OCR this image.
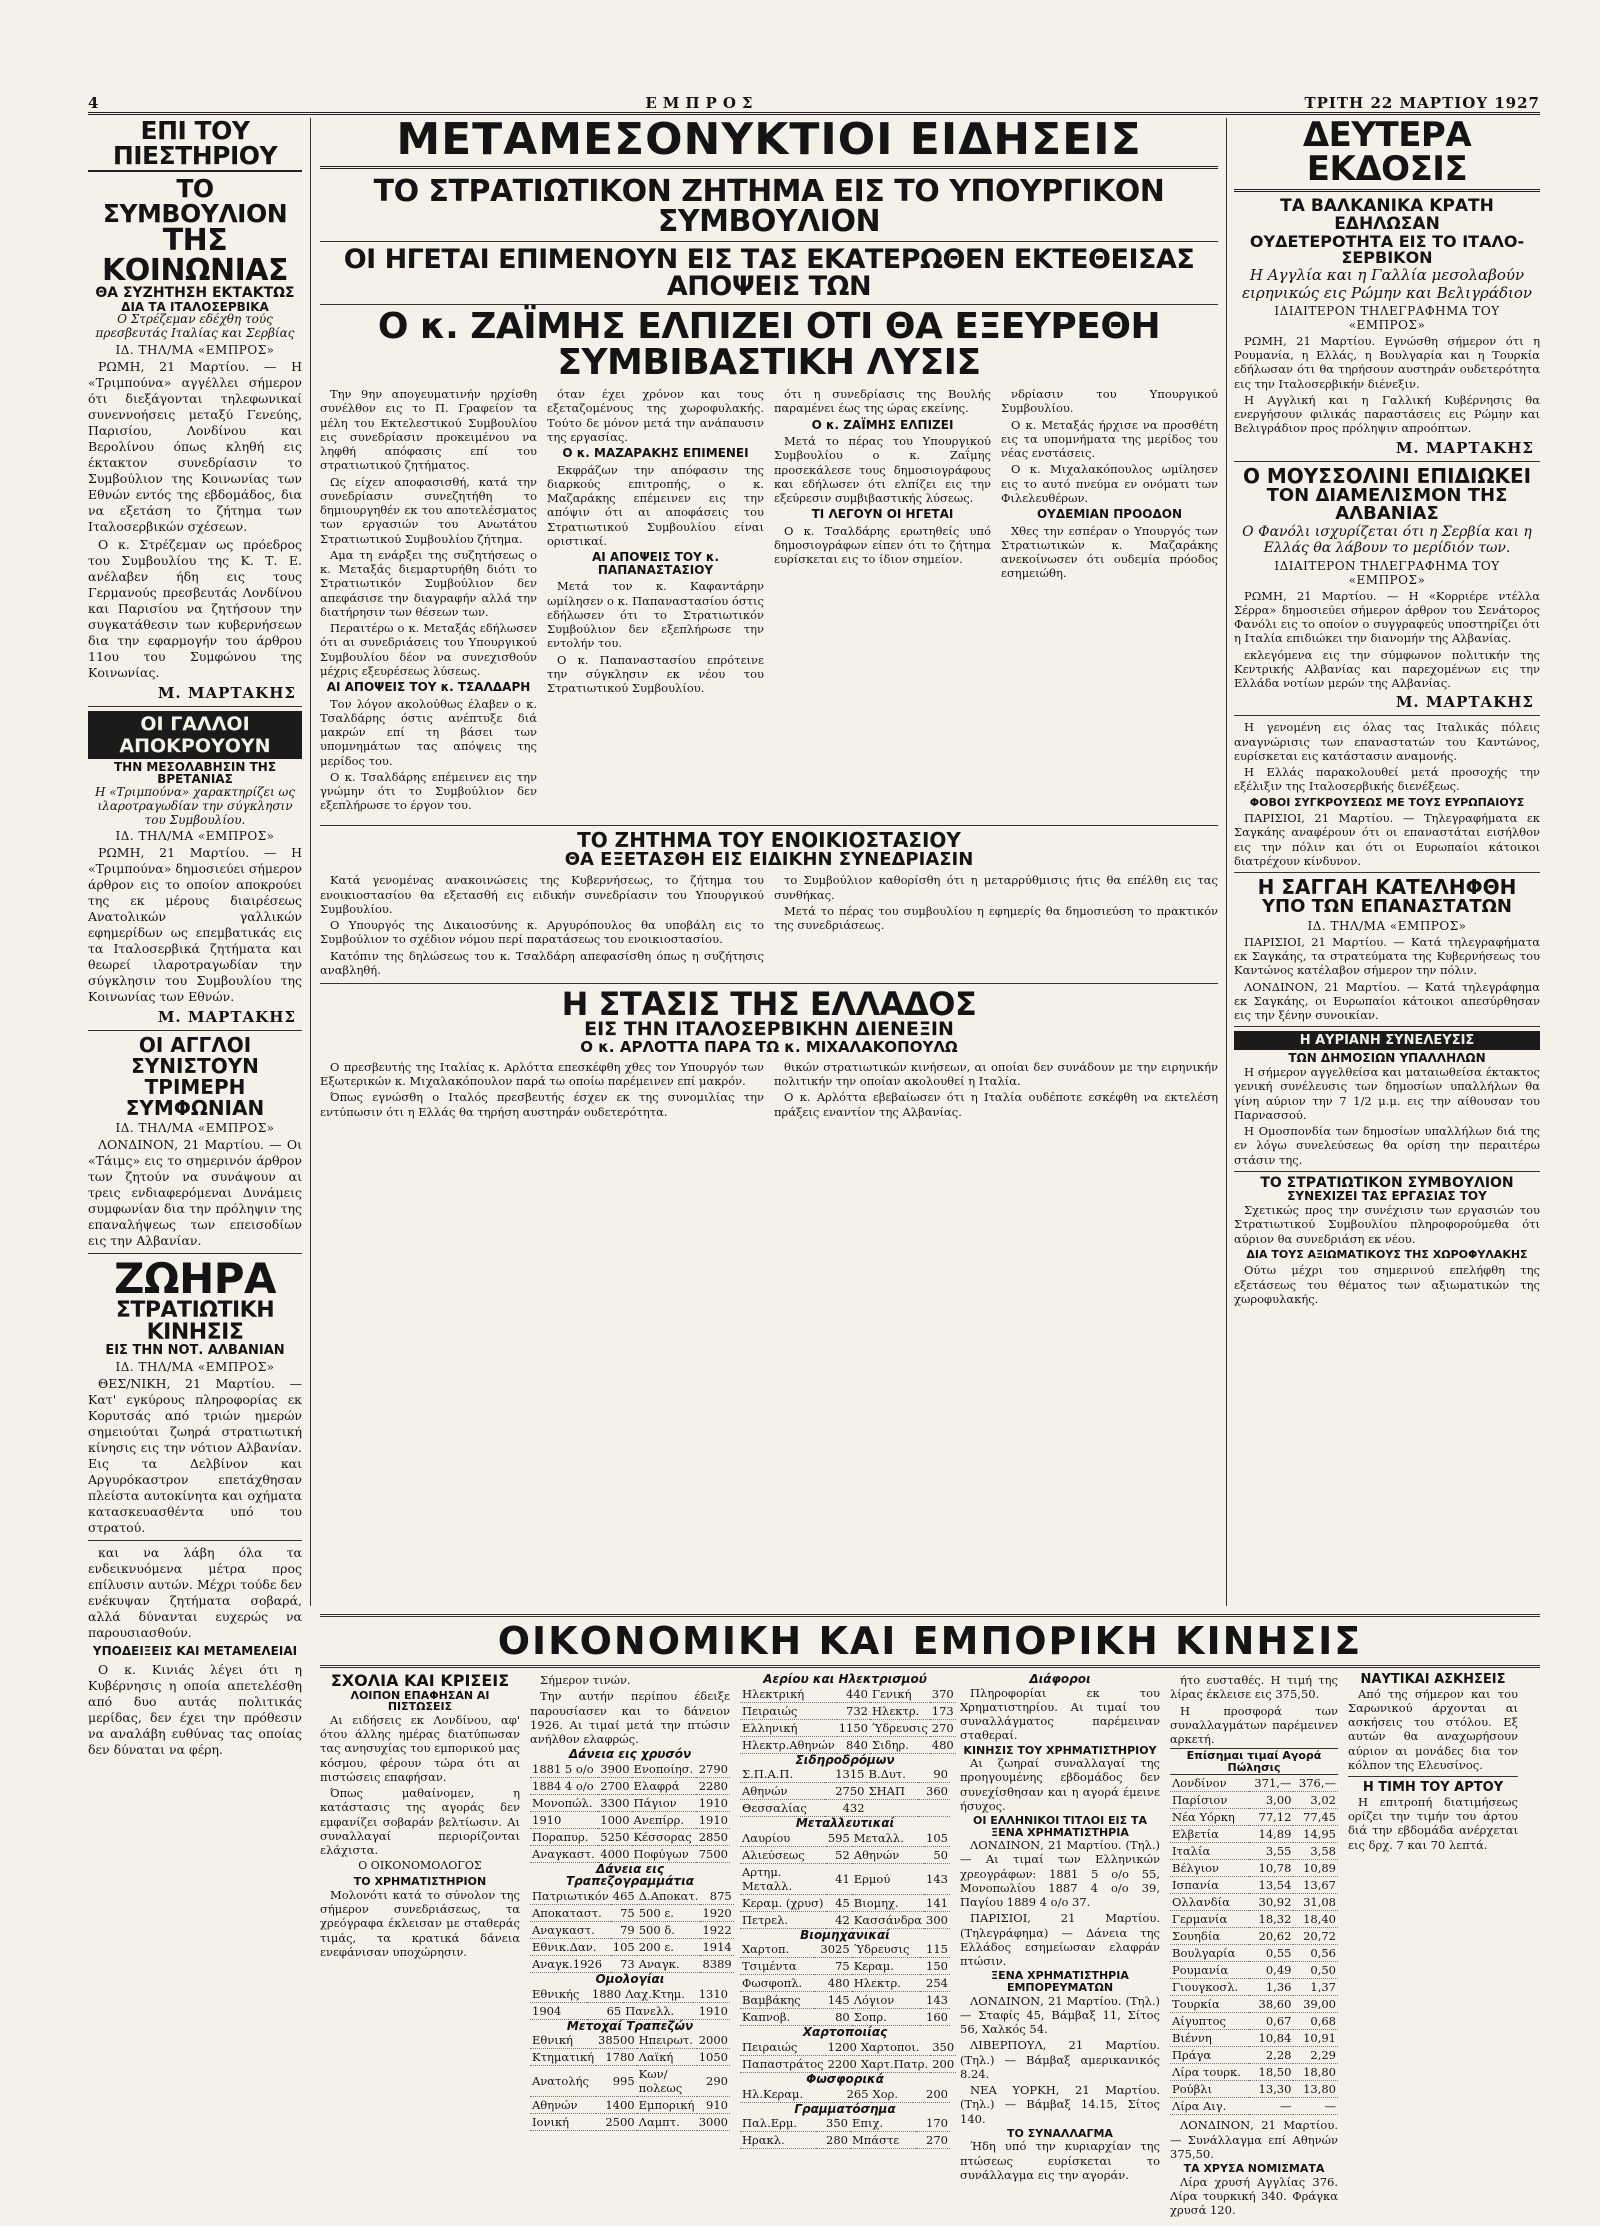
4	ΕΜΠΡΟΣ	ΤΡΙΤΗ 22 ΜΑΡΤΙΟΥ 1927
ΕΠΙ ΤΟΥ ΠΙΕΣΤΗΡΙΟΥ
ΤΟ ΣΥΜΒΟΥΛΙΟΝ
ΤΗΣ ΚΟΙΝΩΝΙΑΣ
ΘΑ ΣΥΖΗΤΗΣΗ ΕΚΤΑΚΤΩΣ
ΔΙΑ ΤΑ ΙΤΑΛΟΣΕΡΒΙΚΑ
Ο Στρέζεμαν εδέχθη τούς πρεσβευτάς Ιταλίας και Σερβίας
ΙΔ. ΤΗΛ/ΜΑ «ΕΜΠΡΟΣ»

ΡΩΜΗ, 21 Μαρτίου. — Η «Τριμπούνα» αγγέλλει σήμερον ότι διεξάγονται τηλεφωνικαί συνεννοήσεις μεταξύ Γενεύης, Παρισίου, Λονδίνου και Βερολίνου όπως κληθή εις έκτακτον συνεδρίασιν το Συμβούλιον της Κοινωνίας των Εθνών εντός της εβδομάδος, δια να εξετάση το ζήτημα των Ιταλοσερβικών σχέσεων.

Ο κ. Στρέζεμαν ως πρόεδρος του Συμβουλίου της Κ. Τ. Ε. ανέλαβεν ήδη εις τους Γερμανούς πρεσβευτάς Λονδίνου και Παρισίου να ζητήσουν την συγκατάθεσιν των κυβερνήσεων δια την εφαρμογήν του άρθρου 11ου του Συμφώνου της Κοινωνίας.

Μ. ΜΑΡΤΑΚΗΣ
ΟΙ ΓΑΛΛΟΙ ΑΠΟΚΡΟΥΟΥΝ
ΤΗΝ ΜΕΣΟΛΑΒΗΣΙΝ ΤΗΣ ΒΡΕΤΑΝΙΑΣ
Η «Τριμπούνα» χαρακτηρίζει ως ιλαροτραγωδίαν την σύγκλησιν του Συμβουλίου.
ΙΔ. ΤΗΛ/ΜΑ «ΕΜΠΡΟΣ»

ΡΩΜΗ, 21 Μαρτίου. — Η «Τριμπούνα» δημοσιεύει σήμερον άρθρον εις το οποίον αποκρούει της εκ μέρους διαιρέσεως Ανατολικών γαλλικών εφημερίδων ως επεμβατικάς εις τα Ιταλοσερβικά ζητήματα και θεωρεί ιλαροτραγωδίαν την σύγκλησιν του Συμβουλίου της Κοινωνίας των Εθνών.

Μ. ΜΑΡΤΑΚΗΣ
ΟΙ ΑΓΓΛΟΙ ΣΥΝΙΣΤΟΥΝ
ΤΡΙΜΕΡΗ ΣΥΜΦΩΝΙΑΝ
ΙΔ. ΤΗΛ/ΜΑ «ΕΜΠΡΟΣ»

ΛΟΝΔΙΝΟΝ, 21 Μαρτίου. — Οι «Τάιμς» εις το σημερινόν άρθρον των ζητούν να συνάψουν αι τρεις ενδιαφερόμεναι Δυνάμεις συμφωνίαν δια την πρόληψιν της επαναλήψεως των επεισοδίων εις την Αλβανίαν.

ΖΩΗΡΑ
ΣΤΡΑΤΙΩΤΙΚΗ ΚΙΝΗΣΙΣ
ΕΙΣ ΤΗΝ ΝΟΤ. ΑΛΒΑΝΙΑΝ
ΙΔ. ΤΗΛ/ΜΑ «ΕΜΠΡΟΣ»

ΘΕΣ/ΝΙΚΗ, 21 Μαρτίου. — Κατ' εγκύρους πληροφορίας εκ Κορυτσάς από τριών ημερών σημειούται ζωηρά στρατιωτική κίνησις εις την νότιον Αλβανίαν. Εις τα Δελβίνον και Αργυρόκαστρον επετάχθησαν πλείστα αυτοκίνητα και οχήματα κατασκευασθέντα υπό του στρατού.

και να λάβη όλα τα ενδεικνυόμενα μέτρα προς επίλυσιν αυτών. Μέχρι τούδε δεν ενέκυψαν ζητήματα σοβαρά, αλλά δύνανται ευχερώς να παρουσιασθούν.

ΥΠΟΔΕΙΞΕΙΣ ΚΑΙ ΜΕΤΑΜΕΛΕΙΑΙ

Ο κ. Κινιάς λέγει ότι η Κυβέρνησις η οποία απετελέσθη από δυο αυτάς πολιτικάς μερίδας, δεν έχει την πρόθεσιν να αναλάβη ευθύνας τας οποίας δεν δύναται να φέρη.

ΜΕΤΑΜΕΣΟΝΥΚΤΙΟΙ ΕΙΔΗΣΕΙΣ
ΤΟ ΣΤΡΑΤΙΩΤΙΚΟΝ ΖΗΤΗΜΑ ΕΙΣ ΤΟ ΥΠΟΥΡΓΙΚΟΝ ΣΥΜΒΟΥΛΙΟΝ
ΟΙ ΗΓΕΤΑΙ ΕΠΙΜΕΝΟΥΝ ΕΙΣ ΤΑΣ ΕΚΑΤΕΡΩΘΕΝ ΕΚΤΕΘΕΙΣΑΣ ΑΠΟΨΕΙΣ ΤΩΝ
Ο κ. ΖΑΪΜΗΣ ΕΛΠΙΖΕΙ ΟΤΙ ΘΑ ΕΞΕΥΡΕΘΗ ΣΥΜΒΙΒΑΣΤΙΚΗ ΛΥΣΙΣ

Την 9ην απογευματινήν ηρχίσθη συνέλθον εις το Π. Γραφείον τα μέλη του Εκτελεστικού Συμβουλίου εις συνεδρίασιν προκειμένου να ληφθή απόφασις επί του στρατιωτικού ζητήματος.

Ως είχεν αποφασισθή, κατά την συνεδρίασιν συνεζητήθη το δημιουργηθέν εκ του αποτελέσματος των εργασιών του Ανωτάτου Στρατιωτικού Συμβουλίου ζήτημα.

Αμα τη ενάρξει της συζητήσεως ο κ. Μεταξάς διεμαρτυρήθη διότι το Στρατιωτικόν Συμβούλιον δεν απεφάσισε την διαγραφήν αλλά την διατήρησιν των θέσεων των.

Περαιτέρω ο κ. Μεταξάς εδήλωσεν ότι αι συνεδριάσεις του Υπουργικού Συμβουλίου δέον να συνεχισθούν μέχρις εξευρέσεως λύσεως.

ΑΙ ΑΠΟΨΕΙΣ ΤΟΥ κ. ΤΣΑΛΔΑΡΗ

Τον λόγον ακολούθως έλαβεν ο κ. Τσαλδάρης όστις ανέπτυξε διά μακρών επί τη βάσει των υπομνημάτων τας απόψεις της μερίδος του.

Ο κ. Τσαλδάρης επέμεινεν εις την γνώμην ότι το Συμβούλιον δεν εξεπλήρωσε το έργον του.

όταν έχει χρόνον και τους εξεταζομένους της χωροφυλακής. Τούτο δε μόνον μετά την ανάπαυσιν της εργασίας.

Ο κ. ΜΑΖΑΡΑΚΗΣ ΕΠΙΜΕΝΕΙ

Εκφράζων την απόφασιν της διαρκούς επιτροπής, ο κ. Μαζαράκης επέμεινεν εις την απόψιν ότι αι αποφάσεις του Στρατιωτικού Συμβουλίου είναι οριστικαί.

ΑΙ ΑΠΟΨΕΙΣ ΤΟΥ κ. ΠΑΠΑΝΑΣΤΑΣΙΟΥ

Μετά τον κ. Καφαντάρην ωμίλησεν ο κ. Παπαναστασίου όστις εδήλωσεν ότι το Στρατιωτικόν Συμβούλιον δεν εξεπλήρωσε την εντολήν του.

Ο κ. Παπαναστασίου επρότεινε την σύγκλησιν εκ νέου του Στρατιωτικού Συμβουλίου.

ότι η συνεδρίασις της Βουλής παραμένει έως της ώρας εκείνης.

Ο κ. ΖΑΪΜΗΣ ΕΛΠΙΖΕΙ

Μετά το πέρας του Υπουργικού Συμβουλίου ο κ. Ζαΐμης προσεκάλεσε τους δημοσιογράφους και εδήλωσεν ότι ελπίζει εις την εξεύρεσιν συμβιβαστικής λύσεως.

ΤΙ ΛΕΓΟΥΝ ΟΙ ΗΓΕΤΑΙ

Ο κ. Τσαλδάρης ερωτηθείς υπό δημοσιογράφων είπεν ότι το ζήτημα ευρίσκεται εις το ίδιον σημείον.

νδρίασιν του Υπουργικού Συμβουλίου.

Ο κ. Μεταξάς ήρχισε να προσθέτη εις τα υπομνήματα της μερίδος του νέας ενστάσεις.

Ο κ. Μιχαλακόπουλος ωμίλησεν εις το αυτό πνεύμα εν ονόματι των Φιλελευθέρων.

ΟΥΔΕΜΙΑΝ ΠΡΟΟΔΟΝ

Χθες την εσπέραν ο Υπουργός των Στρατιωτικών κ. Μαζαράκης ανεκοίνωσεν ότι ουδεμία πρόοδος εσημειώθη.

ΤΟ ΖΗΤΗΜΑ ΤΟΥ ΕΝΟΙΚΙΟΣΤΑΣΙΟΥ
ΘΑ ΕΞΕΤΑΣΘΗ ΕΙΣ ΕΙΔΙΚΗΝ ΣΥΝΕΔΡΙΑΣΙΝ

Κατά γενομένας ανακοινώσεις της Κυβερνήσεως, το ζήτημα του ενοικιοστασίου θα εξετασθή εις ειδικήν συνεδρίασιν του Υπουργικού Συμβουλίου.

Ο Υπουργός της Δικαιοσύνης κ. Αργυρόπουλος θα υποβάλη εις το Συμβούλιον το σχέδιον νόμου περί παρατάσεως του ενοικιοστασίου.

Κατόπιν της δηλώσεως του κ. Τσαλδάρη απεφασίσθη όπως η συζήτησις αναβληθή.

το Συμβούλιον καθορίσθη ότι η μεταρρύθμισις ήτις θα επέλθη εις τας συνθήκας.

Μετά το πέρας του συμβουλίου η εφημερίς θα δημοσιεύση το πρακτικόν της συνεδριάσεως.

Η ΣΤΑΣΙΣ ΤΗΣ ΕΛΛΑΔΟΣ
ΕΙΣ ΤΗΝ ΙΤΑΛΟΣΕΡΒΙΚΗΝ ΔΙΕΝΕΞΙΝ
Ο κ. ΑΡΛΟΤΤΑ ΠΑΡΑ ΤΩ κ. ΜΙΧΑΛΑΚΟΠΟΥΛΩ

Ο πρεσβευτής της Ιταλίας κ. Αρλόττα επεσκέφθη χθες τον Υπουργόν των Εξωτερικών κ. Μιχαλακόπουλον παρά τω οποίω παρέμεινεν επί μακρόν.

Όπως εγνώσθη ο Ιταλός πρεσβευτής έσχεν εκ της συνομιλίας την εντύπωσιν ότι η Ελλάς θα τηρήση αυστηράν ουδετερότητα.

θικών στρατιωτικών κινήσεων, αι οποίαι δεν συνάδουν με την ειρηνικήν πολιτικήν την οποίαν ακολουθεί η Ιταλία.

Ο κ. Αρλόττα εβεβαίωσεν ότι η Ιταλία ουδέποτε εσκέφθη να εκτελέση πράξεις εναντίον της Αλβανίας.

ΔΕΥΤΕΡΑ ΕΚΔΟΣΙΣ
ΤΑ ΒΑΛΚΑΝΙΚΑ ΚΡΑΤΗ ΕΔΗΛΩΣΑΝ
ΟΥΔΕΤΕΡΟΤΗΤΑ ΕΙΣ ΤΟ ΙΤΑΛΟ-ΣΕΡΒΙΚΟΝ
Η Αγγλία και η Γαλλία μεσολαβούν ειρηνικώς εις Ρώμην και Βελιγράδιον
ΙΔΙΑΙΤΕΡΟΝ ΤΗΛΕΓΡΑΦΗΜΑ ΤΟΥ «ΕΜΠΡΟΣ»

ΡΩΜΗ, 21 Μαρτίου. Εγνώσθη σήμερον ότι η Ρουμανία, η Ελλάς, η Βουλγαρία και η Τουρκία εδήλωσαν ότι θα τηρήσουν αυστηράν ουδετερότητα εις την Ιταλοσερβικήν διένεξιν.

Η Αγγλική και η Γαλλική Κυβέρνησις θα ενεργήσουν φιλικάς παραστάσεις εις Ρώμην και Βελιγράδιον προς πρόληψιν απροόπτων.

Μ. ΜΑΡΤΑΚΗΣ
Ο ΜΟΥΣΣΟΛΙΝΙ ΕΠΙΔΙΩΚΕΙ
ΤΟΝ ΔΙΑΜΕΛΙΣΜΟΝ ΤΗΣ ΑΛΒΑΝΙΑΣ
Ο Φανόλι ισχυρίζεται ότι η Σερβία και η Ελλάς θα λάβουν το μερίδιόν των.
ΙΔΙΑΙΤΕΡΟΝ ΤΗΛΕΓΡΑΦΗΜΑ ΤΟΥ «ΕΜΠΡΟΣ»

ΡΩΜΗ, 21 Μαρτίου. — Η «Κορριέρε ντέλλα Σέρρα» δημοσιεύει σήμερον άρθρον του Σενάτορος Φανόλι εις το οποίον ο συγγραφεύς υποστηρίζει ότι η Ιταλία επιδιώκει την διανομήν της Αλβανίας.

εκλεγόμενα εις την σύμφωνον πολιτικήν της Κεντρικής Αλβανίας και παρεχομένων εις την Ελλάδα νοτίων μερών της Αλβανίας.

Μ. ΜΑΡΤΑΚΗΣ

Η γενομένη εις όλας τας Ιταλικάς πόλεις αναγνώρισις των επαναστατών του Καντώνος, ευρίσκεται εις κατάστασιν αναμονής.

Η Ελλάς παρακολουθεί μετά προσοχής την εξέλιξιν της Ιταλοσερβικής διενέξεως.

ΦΟΒΟΙ ΣΥΓΚΡΟΥΣΕΩΣ ΜΕ ΤΟΥΣ ΕΥΡΩΠΑΙΟΥΣ

ΠΑΡΙΣΙΟΙ, 21 Μαρτίου. — Τηλεγραφήματα εκ Σαγκάης αναφέρουν ότι οι επαναστάται εισήλθον εις την πόλιν και ότι οι Ευρωπαίοι κάτοικοι διατρέχουν κίνδυνον.

Η ΣΑΓΓΑΗ ΚΑΤΕΛΗΦΘΗ
ΥΠΟ ΤΩΝ ΕΠΑΝΑΣΤΑΤΩΝ
ΙΔ. ΤΗΛ/ΜΑ «ΕΜΠΡΟΣ»

ΠΑΡΙΣΙΟΙ, 21 Μαρτίου. — Κατά τηλεγραφήματα εκ Σαγκάης, τα στρατεύματα της Κυβερνήσεως του Καντώνος κατέλαβον σήμερον την πόλιν.

ΛΟΝΔΙΝΟΝ, 21 Μαρτίου. — Κατά τηλεγράφημα εκ Σαγκάης, οι Ευρωπαίοι κάτοικοι απεσύρθησαν εις την ξένην συνοικίαν.

Η ΑΥΡΙΑΝΗ ΣΥΝΕΛΕΥΣΙΣ
ΤΩΝ ΔΗΜΟΣΙΩΝ ΥΠΑΛΛΗΛΩΝ

Η σήμερον αγγελθείσα και ματαιωθείσα έκτακτος γενική συνέλευσις των δημοσίων υπαλλήλων θα γίνη αύριον την 7 1/2 μ.μ. εις την αίθουσαν του Παρνασσού.

Η Ομοσπονδία των δημοσίων υπαλλήλων διά της εν λόγω συνελεύσεως θα ορίση την περαιτέρω στάσιν της.

ΤΟ ΣΤΡΑΤΙΩΤΙΚΟΝ ΣΥΜΒΟΥΛΙΟΝ
ΣΥΝΕΧΙΖΕΙ ΤΑΣ ΕΡΓΑΣΙΑΣ ΤΟΥ

Σχετικώς προς την συνέχισιν των εργασιών του Στρατιωτικού Συμβουλίου πληροφορούμεθα ότι αύριον θα συνεδριάση εκ νέου.

ΔΙΑ ΤΟΥΣ ΑΞΙΩΜΑΤΙΚΟΥΣ ΤΗΣ ΧΩΡΟΦΥΛΑΚΗΣ

Ούτω μέχρι του σημερινού επελήφθη της εξετάσεως του θέματος των αξιωματικών της χωροφυλακής.

ΟΙΚΟΝΟΜΙΚΗ ΚΑΙ ΕΜΠΟΡΙΚΗ ΚΙΝΗΣΙΣ
ΣΧΟΛΙΑ ΚΑΙ ΚΡΙΣΕΙΣ
ΛΟΙΠΟΝ ΕΠΑΦΗΣΑΝ ΑΙ ΠΙΣΤΩΣΕΙΣ

Αι ειδήσεις εκ Λονδίνου, αφ' ότου άλλης ημέρας διατύπωσαν τας ανησυχίας του εμπορικού μας κόσμου, φέρουν τώρα ότι αι πιστώσεις επαφήσαν.

Όπως μαθαίνομεν, η κατάστασις της αγοράς δεν εμφανίζει σοβαράν βελτίωσιν. Αι συναλλαγαί περιορίζονται ελάχιστα.

Ο ΟΙΚΟΝΟΜΟΛΟΓΟΣ
ΤΟ ΧΡΗΜΑΤΙΣΤΗΡΙΟΝ

Μολονότι κατά το σύνολον της σήμερον συνεδριάσεως, τα χρεόγραφα έκλεισαν με σταθεράς τιμάς, τα κρατικά δάνεια ενεφάνισαν υποχώρησιν.

Σήμερον τινών.

Την αυτήν περίπου έδειξε παρουσίασεν και το δάνειον 1926. Αι τιμαί μετά την πτώσιν ανήλθον ελαφρώς.

Δάνεια εις χρυσόν
1881 5 ο/ο	3900	Ενοποίησ.	2790
1884 4 ο/ο	2700	Ελαφρά	2280
Μονοπώλ.	3300	Πάγιον	1910
1910	1000	Ανεπίρρ.	1910
Ποραπυρ.	5250	Κέσσορας	2850
Αναγκαστ.	4000	Ποφύγων	7500
Δάνεια εις Τραπεζογραμμάτια
Πατριωτικόν	465	Δ.Αποκατ.	875
Αποκαταστ.	75	500 ε.	1920
Αναγκαστ.	79	500 δ.	1922
Εθνικ.Δαν.	105	200 ε.	1914
Αναγκ.1926	73	Αναγκ.	8389
Ομολογίαι
Εθνικής	1880	Λαχ.Κτημ.	1310
1904	65	Πανελλ.	1910
Μετοχαί Τραπεζών
Εθνική	38500	Ηπειρωτ.	2000
Κτηματική	1780	Λαϊκή	1050
Ανατολής	995	Κων/πολεως	290
Αθηνών	1400	Εμπορική	910
Ιονική	2500	Λαμπτ.	3000
Αερίου και Ηλεκτρισμού
Ηλεκτρική	440	Γενική	370
Πειραιώς	732	Ηλεκτρ.	173
Ελληνική	1150	Ύδρευσις	270
Ηλεκτρ.Αθηνών	840	Σιδηρ.	480
Σιδηροδρόμων
Σ.Π.Α.Π.	1315	Β.Δυτ.	90
Αθηνών	2750	ΣΗΑΠ	360
Θεσσαλίας	432		
Μεταλλευτικαί
Λαυρίου	595	Μεταλλ.	105
Αλιεύσεως	52	Αθηνών	50
Αρτημ. Μεταλλ.	41	Ερμού	143
Κεραμ. (χρυσ)	45	Βιομηχ.	141
Πετρελ.	42	Κασσάνδρα	300
Βιομηχανικαί
Χαρτοπ.	3025	Ύδρευσις	115
Τσιμέντα	75	Κεραμ.	150
Φωσφοπλ.	480	Ηλεκτρ.	254
Βαμβάκης	145	Λόγιον	143
Καπνοβ.	80	Σοπρ.	160
Χαρτοποιίας
Πειραιώς	1200	Χαρτοποι.	350
Παπαστράτος	2200	Χαρτ.Πατρ.	200
Φωσφορικά
Ηλ.Κεραμ.	265	Χορ.	200
Γραμματόσημα
Παλ.Ερμ.	350	Επιχ.	170
Ηρακλ.	280	Μπάστε	270
Διάφοροι

Πληροφορίαι εκ του Χρηματιστηρίου. Αι τιμαί του συναλλάγματος παρέμειναν σταθεραί.

ΚΙΝΗΣΙΣ ΤΟΥ ΧΡΗΜΑΤΙΣΤΗΡΙΟΥ

Αι ζωηραί συναλλαγαί της προηγουμένης εβδομάδος δεν συνεχίσθησαν και η αγορά έμεινε ήσυχος.

ΟΙ ΕΛΛΗΝΙΚΟΙ ΤΙΤΛΟΙ ΕΙΣ ΤΑ ΞΕΝΑ ΧΡΗΜΑΤΙΣΤΗΡΙΑ

ΛΟΝΔΙΝΟΝ, 21 Μαρτίου. (Τηλ.) — Αι τιμαί των Ελληνικών χρεογράφων: 1881 5 ο/ο 55, Μονοπωλίου 1887 4 ο/ο 39, Παγίου 1889 4 ο/ο 37.

ΠΑΡΙΣΙΟΙ, 21 Μαρτίου. (Τηλεγράφημα) — Δάνεια της Ελλάδος εσημείωσαν ελαφράν πτώσιν.

ΞΕΝΑ ΧΡΗΜΑΤΙΣΤΗΡΙΑ ΕΜΠΟΡΕΥΜΑΤΩΝ

ΛΟΝΔΙΝΟΝ, 21 Μαρτίου. (Τηλ.) — Σταφίς 45, Βάμβαξ 11, Σίτος 56, Χαλκός 54.

ΛΙΒΕΡΠΟΥΛ, 21 Μαρτίου. (Τηλ.) — Βάμβαξ αμερικανικός 8.24.

ΝΕΑ ΥΟΡΚΗ, 21 Μαρτίου. (Τηλ.) — Βάμβαξ 14.15, Σίτος 140.

ΤΟ ΣΥΝΑΛΛΑΓΜΑ

Ήδη υπό την κυριαρχίαν της πτώσεως ευρίσκεται το συνάλλαγμα εις την αγοράν.

ήτο ευσταθές. Η τιμή της λίρας έκλεισε εις 375,50.

Η προσφορά των συναλλαγμάτων παρέμεινεν αρκετή.

Επίσημαι τιμαί Αγορά Πώλησις
Λονδίνον	371,—	376,—
Παρίσιον	3,00	3,02
Νέα Υόρκη	77,12	77,45
Ελβετία	14,89	14,95
Ιταλία	3,55	3,58
Βέλγιον	10,78	10,89
Ισπανία	13,54	13,67
Ολλανδία	30,92	31,08
Γερμανία	18,32	18,40
Σουηδία	20,62	20,72
Βουλγαρία	0,55	0,56
Ρουμανία	0,49	0,50
Γιουγκοσλ.	1,36	1,37
Τουρκία	38,60	39,00
Αίγυπτος	0,67	0,68
Βιέννη	10,84	10,91
Πράγα	2,28	2,29
Λίρα τουρκ.	18,50	18,80
Ρούβλι	13,30	13,80
Λίρα Αιγ.	—	—

ΛΟΝΔΙΝΟΝ, 21 Μαρτίου. — Συνάλλαγμα επί Αθηνών 375,50.

ΤΑ ΧΡΥΣΑ ΝΟΜΙΣΜΑΤΑ

Λίρα χρυσή Αγγλίας 376. Λίρα τουρκική 340. Φράγκα χρυσά 120.

ΝΑΥΤΙΚΑΙ ΑΣΚΗΣΕΙΣ

Από της σήμερον και του Σαρωνικού άρχονται αι ασκήσεις του στόλου. Εξ αυτών θα αναχωρήσουν αύριον αι μονάδες δια τον κόλπον της Ελευσίνος.

Η ΤΙΜΗ ΤΟΥ ΑΡΤΟΥ

Η επιτροπή διατιμήσεως ορίζει την τιμήν του άρτου διά την εβδομάδα ανέρχεται εις δρχ. 7 και 70 λεπτά.
